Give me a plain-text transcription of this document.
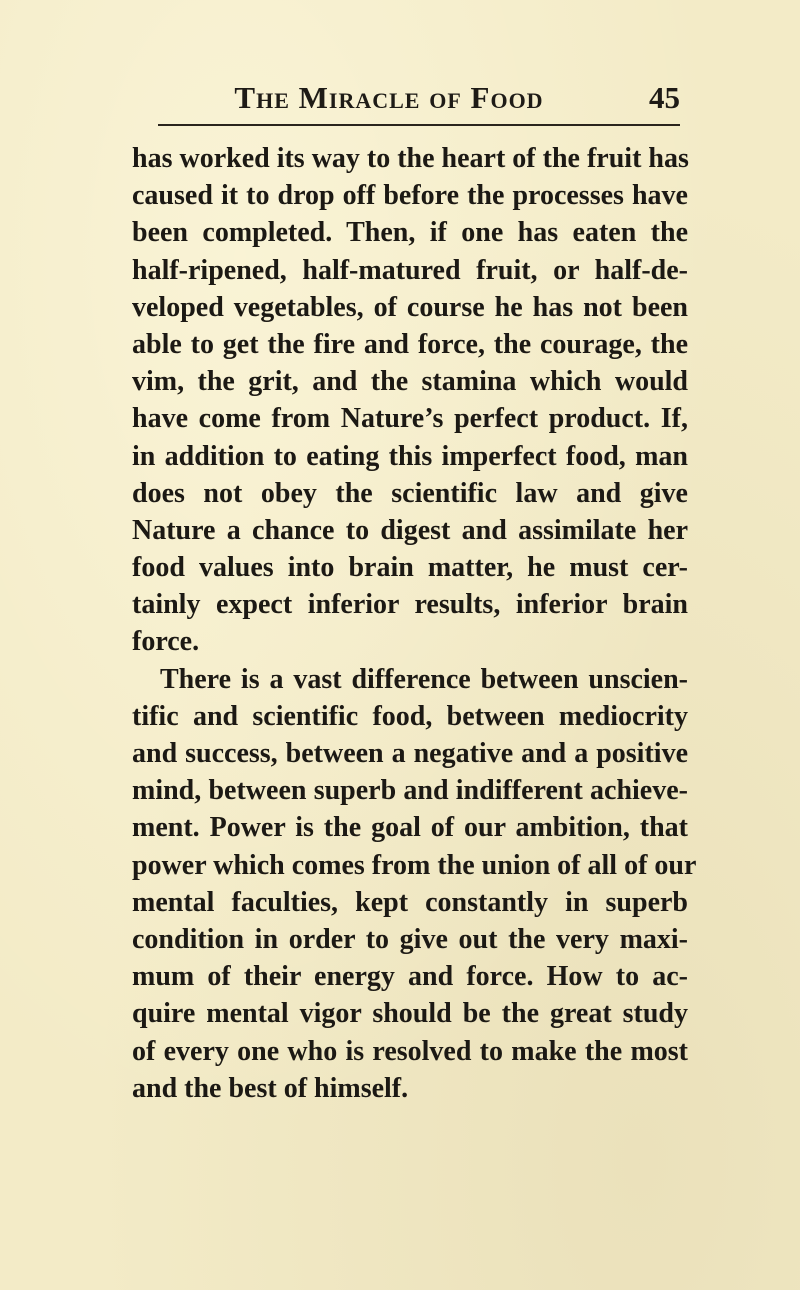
The Miracle of Food	45
has worked its way to the heart of the fruit has
caused it to drop off before the processes have
been completed. Then, if one has eaten the
half-ripened, half-matured fruit, or half-de-
veloped vegetables, of course he has not been
able to get the fire and force, the courage, the
vim, the grit, and the stamina which would
have come from Nature’s perfect product. If,
in addition to eating this imperfect food, man
does not obey the scientific law and give
Nature a chance to digest and assimilate her
food values into brain matter, he must cer-
tainly expect inferior results, inferior brain
force.
There is a vast difference between unscien-
tific and scientific food, between mediocrity
and success, between a negative and a positive
mind, between superb and indifferent achieve-
ment. Power is the goal of our ambition, that
power which comes from the union of all of our
mental faculties, kept constantly in superb
condition in order to give out the very maxi-
mum of their energy and force. How to ac-
quire mental vigor should be the great study
of every one who is resolved to make the most
and the best of himself.
